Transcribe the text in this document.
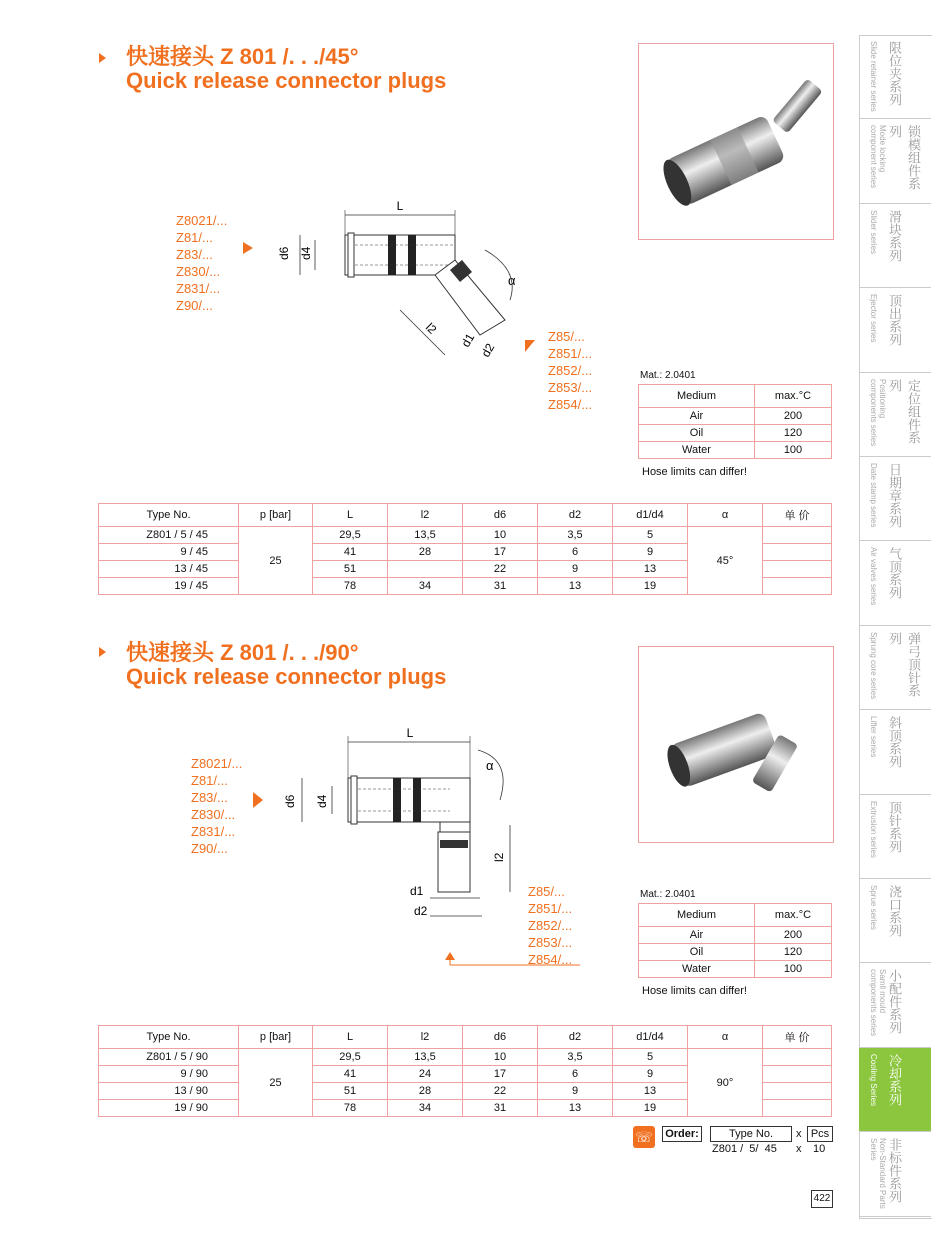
快速接头 Z 801 /. . ./45°
Quick release connector plugs
Z8021/...
Z81/...
Z83/...
Z830/...
Z831/...
Z90/...
Z85/...
Z851/...
Z852/...
Z853/...
Z854/...
L
d6 d4
l2
d1
d2
α
Mat.: 2.0401
Medium	max.°C
Air	200
Oil	120
Water	100
Hose limits can differ!
Type No.	p [bar]	L	l2	d6	d2	d1/d4	α	单 价
Z801 / 5 / 45	25	29,5	13,5	10	3,5	5	45°	
9 / 45		41	28	17	6	9		
13 / 45		51		22	9	13		
19 / 45		78	34	31	13	19		
快速接头 Z 801 /. . ./90°
Quick release connector plugs
Z8021/...
Z81/...
Z83/...
Z830/...
Z831/...
Z90/...
Z85/...
Z851/...
Z852/...
Z853/...
Z854/...
L
d6 d4
l2
d1
d2
α
Mat.: 2.0401
Medium	max.°C
Air	200
Oil	120
Water	100
Hose limits can differ!
Type No.	p [bar]	L	l2	d6	d2	d1/d4	α	单 价
Z801 / 5 / 90	25	29,5	13,5	10	3,5	5	90°	
9 / 90		41	24	17	6	9		
13 / 90		51	28	22	9	13		
19 / 90		78	34	31	13	19		
☏ Order:	Type No.	x Pcs
Z801 /  5/  45 x 10
422
限位夹系列
Slide retainer series
锁模组件系列
Mode locking component series
滑块系列
Slider series
顶出系列
Ejector series
定位组件系列
Positioning components series
日期章系列
Date stamp series
气顶系列
Air valves series
弹弓顶针系列
Sprung core series
斜顶系列
Lifter series
顶针系列
Extrusion series
浇口系列
Sprue series
小配件系列
Samll mould components series
冷却系列
Cooling Series
非标件系列
Non-Standard Parts Series
